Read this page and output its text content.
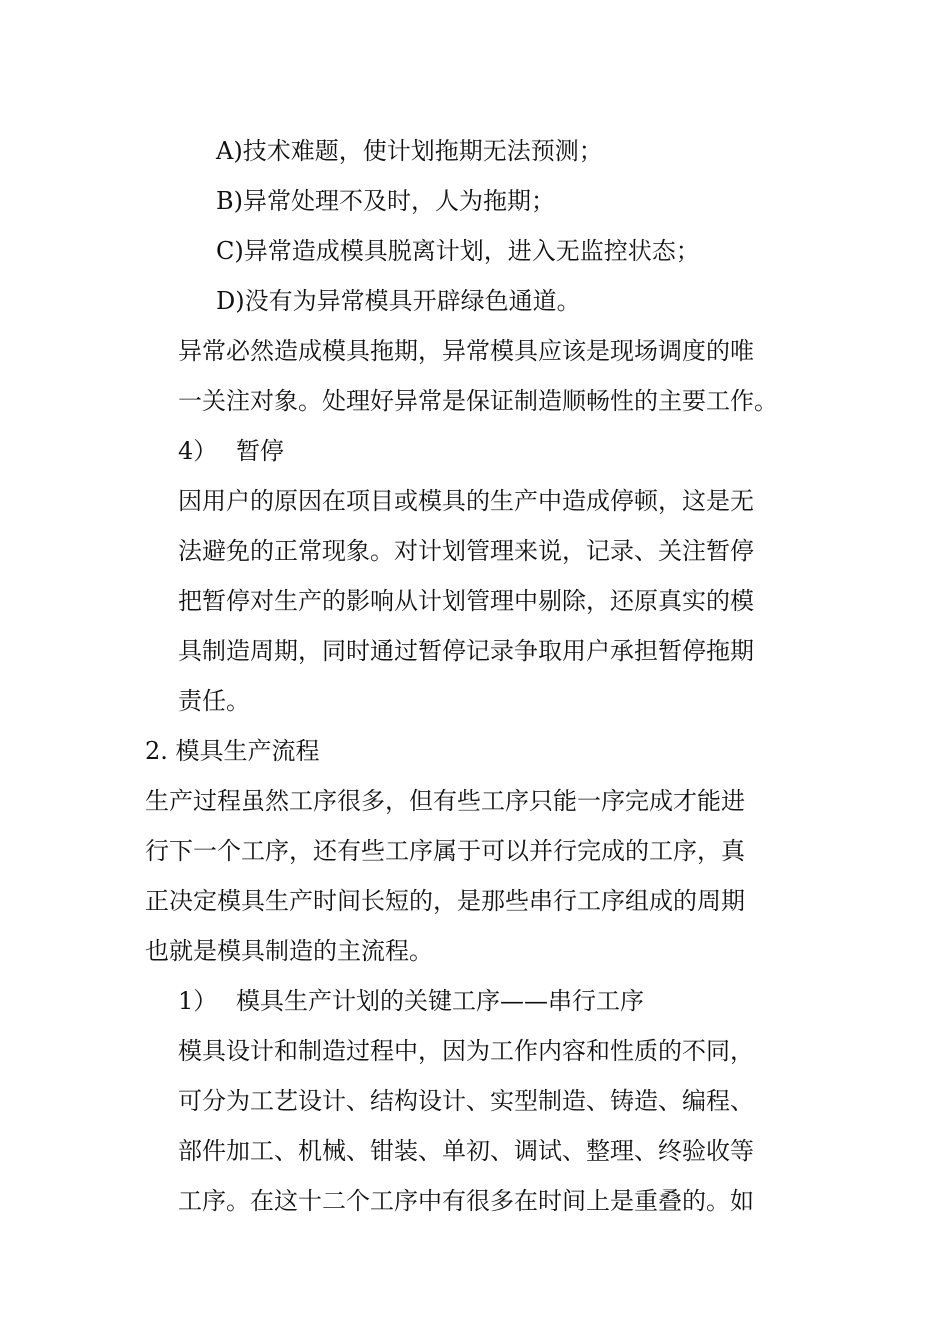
A)技术难题，使计划拖期无法预测；

B)异常处理不及时，人为拖期；

C)异常造成模具脱离计划，进入无监控状态；

D)没有为异常模具开辟绿色通道。

异常必然造成模具拖期，异常模具应该是现场调度的唯

一关注对象。处理好异常是保证制造顺畅性的主要工作。

4） 暂停

因用户的原因在项目或模具的生产中造成停顿，这是无

法避免的正常现象。对计划管理来说，记录、关注暂停

把暂停对生产的影响从计划管理中剔除，还原真实的模

具制造周期，同时通过暂停记录争取用户承担暂停拖期

责任。

2. 模具生产流程

生产过程虽然工序很多，但有些工序只能一序完成才能进

行下一个工序，还有些工序属于可以并行完成的工序，真

正决定模具生产时间长短的，是那些串行工序组成的周期

也就是模具制造的主流程。

1） 模具生产计划的关键工序——串行工序

模具设计和制造过程中，因为工作内容和性质的不同，

可分为工艺设计、结构设计、实型制造、铸造、编程、

部件加工、机械、钳装、单初、调试、整理、终验收等

工序。在这十二个工序中有很多在时间上是重叠的。如
